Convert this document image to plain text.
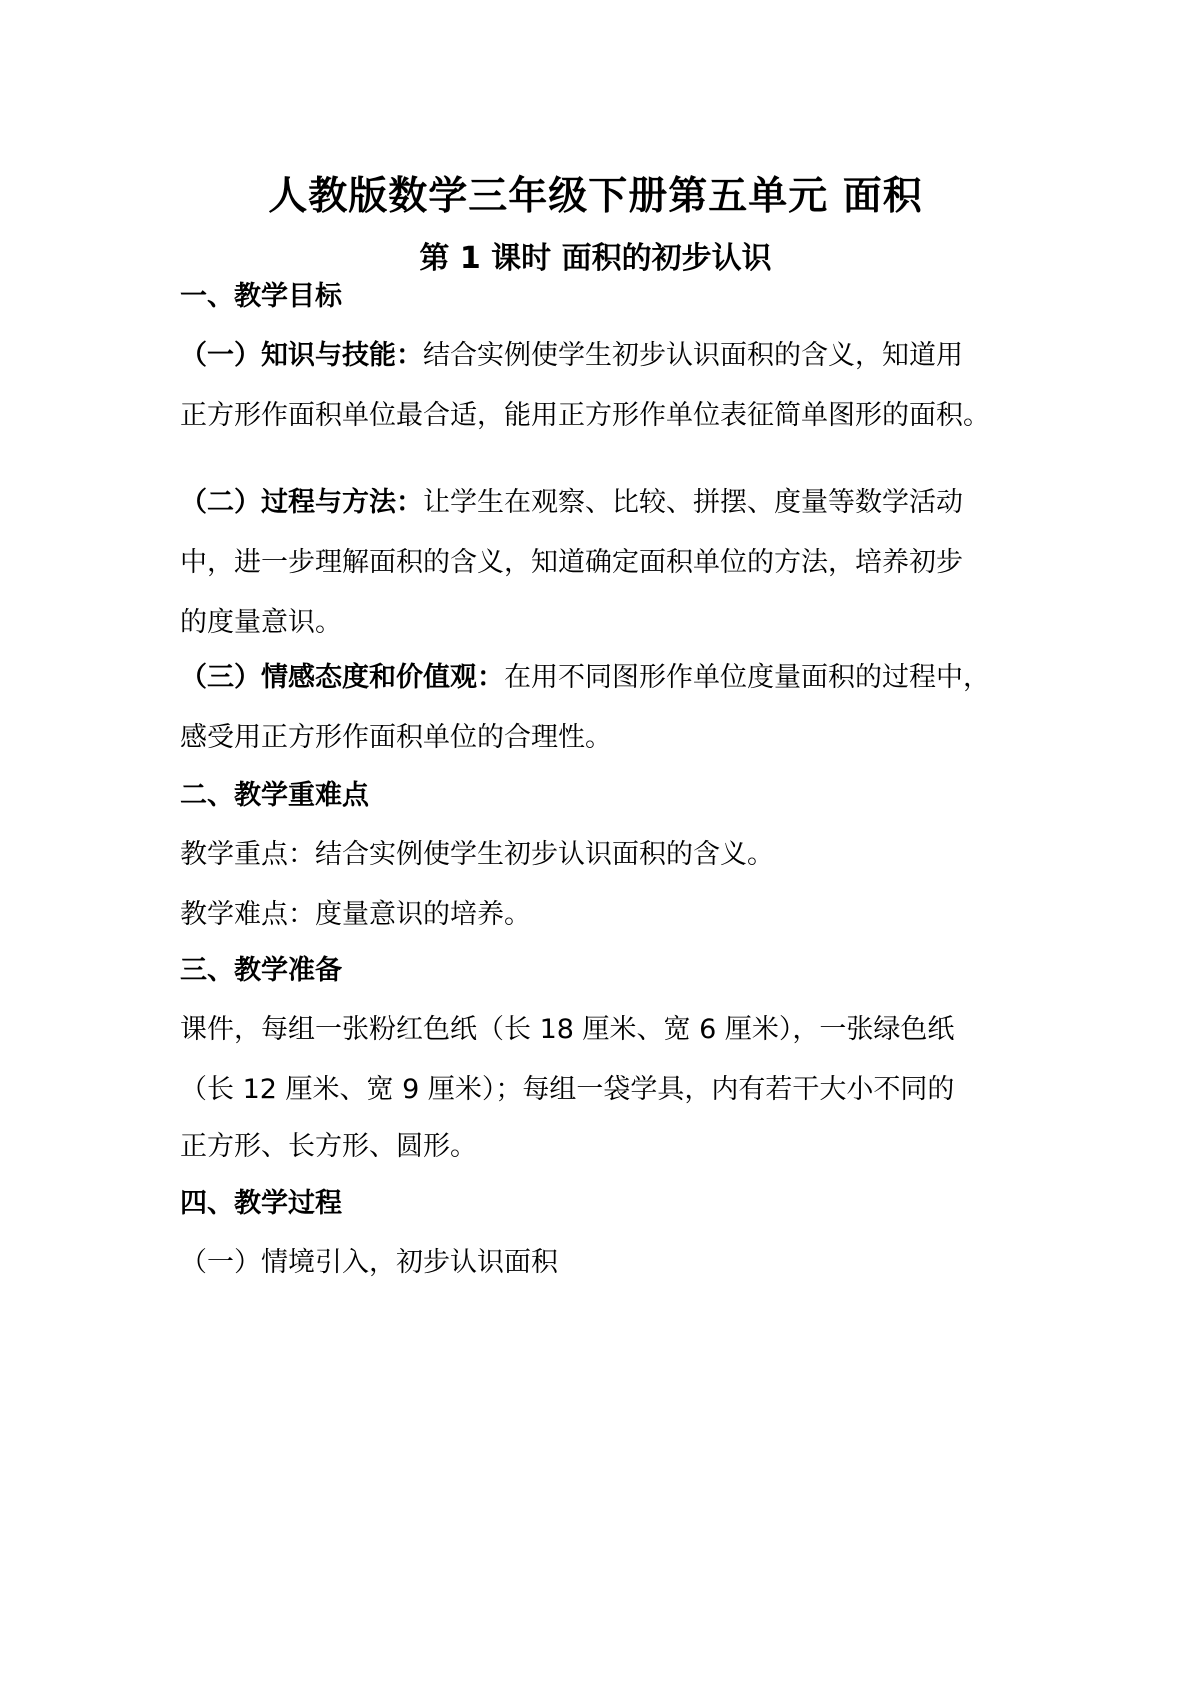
人教版数学三年级下册第五单元 面积
第 1 课时 面积的初步认识

一、教学目标

（一）知识与技能：结合实例使学生初步认识面积的含义，知道用

正方形作面积单位最合适，能用正方形作单位表征简单图形的面积。

（二）过程与方法：让学生在观察、比较、拼摆、度量等数学活动

中，进一步理解面积的含义，知道确定面积单位的方法，培养初步

的度量意识。

（三）情感态度和价值观：在用不同图形作单位度量面积的过程中，

感受用正方形作面积单位的合理性。

二、教学重难点

教学重点：结合实例使学生初步认识面积的含义。

教学难点：度量意识的培养。

三、教学准备

课件，每组一张粉红色纸（长 18 厘米、宽 6 厘米），一张绿色纸

（长 12 厘米、宽 9 厘米）；每组一袋学具，内有若干大小不同的

正方形、长方形、圆形。

四、教学过程

（一）情境引入，初步认识面积
